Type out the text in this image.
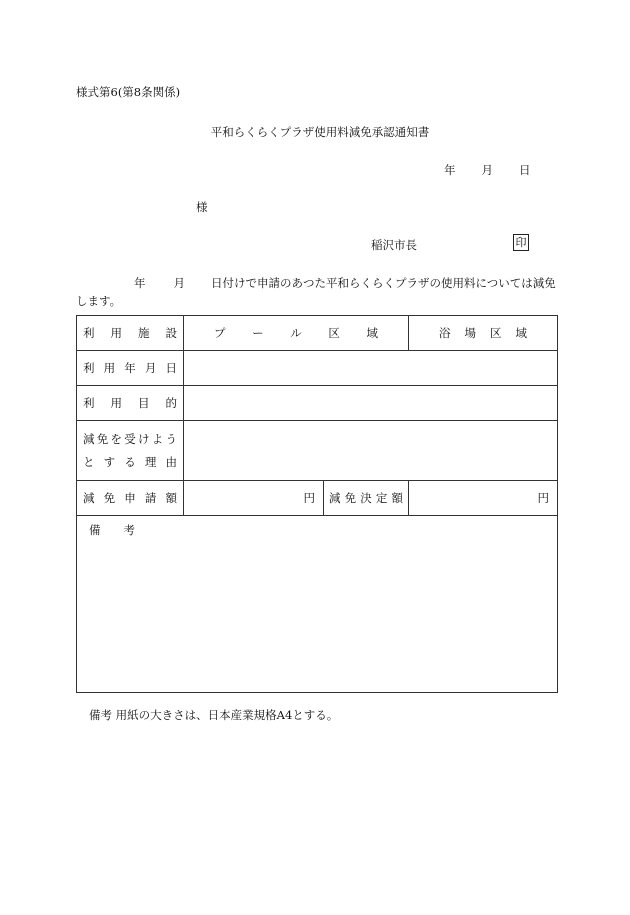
様式第6(第8条関係)
平和らくらくプラザ使用料減免承認通知書
年 月 日
様
稲沢市長	印
年 月 日付けで申請のあつた平和らくらくプラザの使用料については減免します。
利 用 施 設	プ ー ル 区 域		浴 場 区 域

利 用 年 月 日			
利 用 目 的			

減免を受けよう
と す る 理 由			

減 免 申 請 額	円	減 免 決 定 額	円
備 考			
備考 用紙の大きさは、日本産業規格A4とする。
